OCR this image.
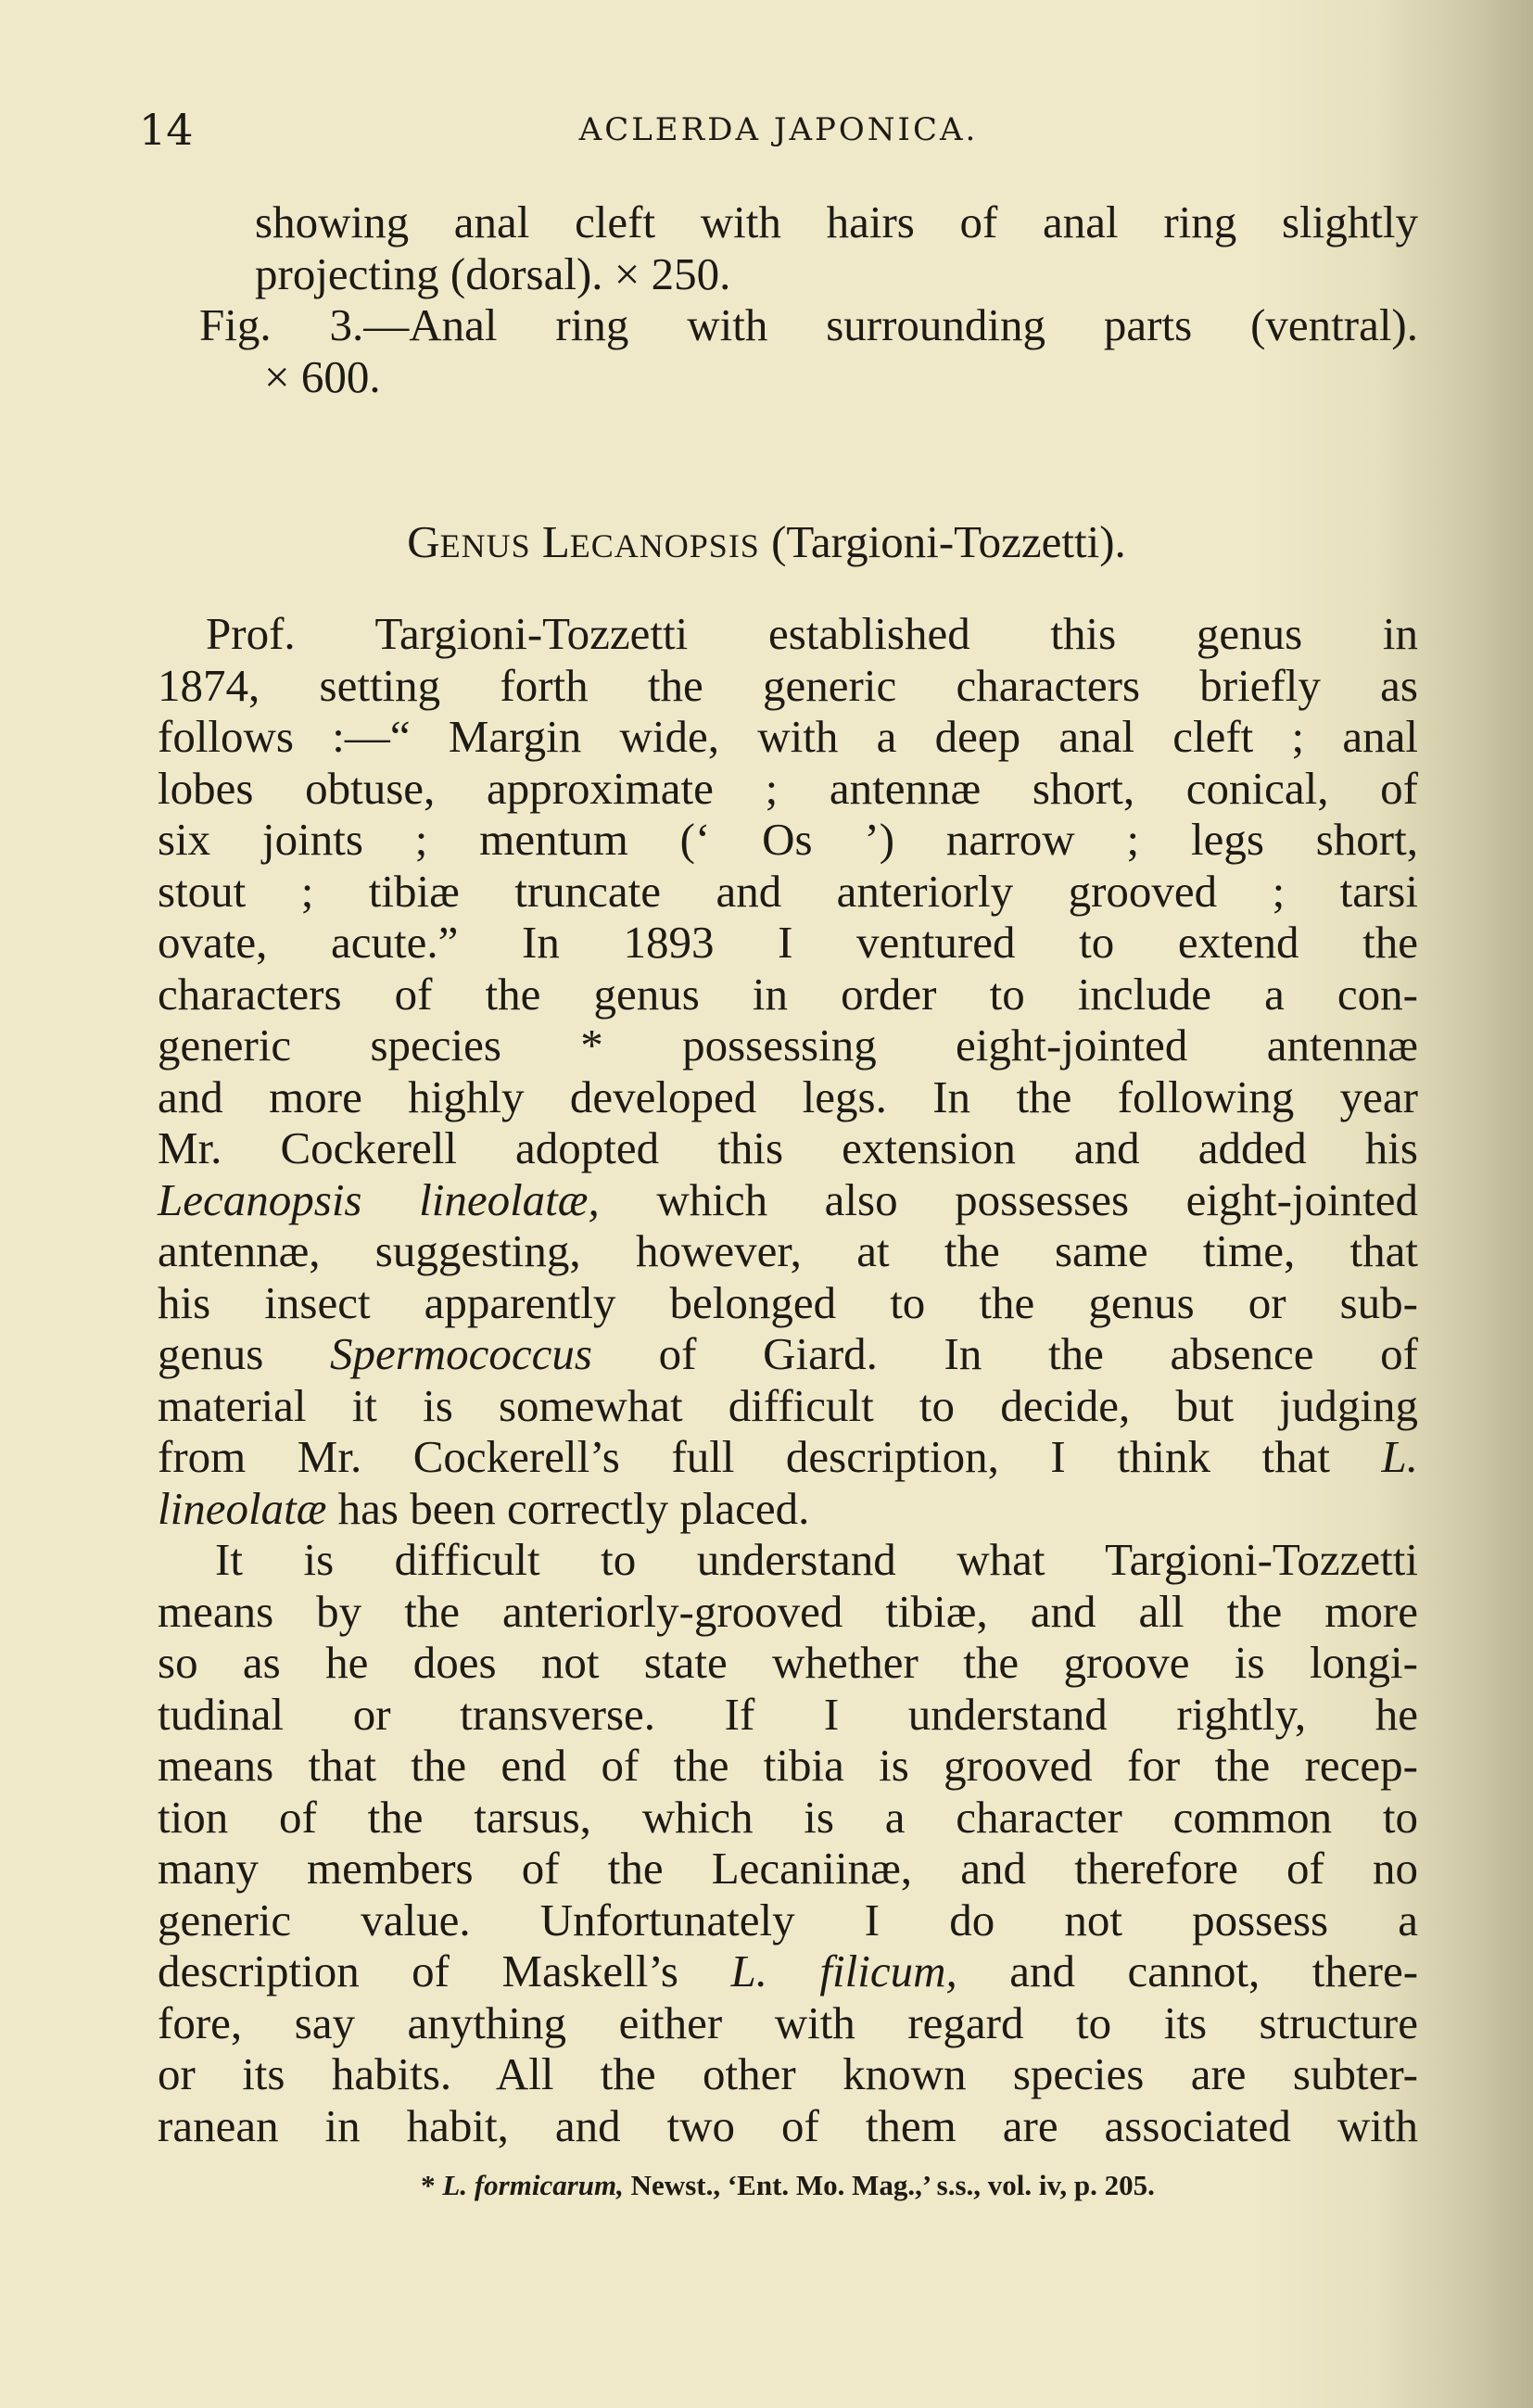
14	ACLERDA JAPONICA.
showing anal cleft with hairs of anal ring slightly
projecting (dorsal). × 250.
Fig. 3.—Anal ring with surrounding parts (ventral).
× 600.
GENUS LECANOPSIS (Targioni-Tozzetti).
Prof. Targioni-Tozzetti established this genus in
1874, setting forth the generic characters briefly as
follows :—“ Margin wide, with a deep anal cleft ; anal
lobes obtuse, approximate ; antennæ short, conical, of
six joints ; mentum (‘ Os ’) narrow ; legs short,
stout ; tibiæ truncate and anteriorly grooved ; tarsi
ovate, acute.” In 1893 I ventured to extend the
characters of the genus in order to include a con-
generic species * possessing eight-jointed antennæ
and more highly developed legs. In the following year
Mr. Cockerell adopted this extension and added his
Lecanopsis lineolatæ, which also possesses eight-jointed
antennæ, suggesting, however, at the same time, that
his insect apparently belonged to the genus or sub-
genus Spermococcus of Giard. In the absence of
material it is somewhat difficult to decide, but judging
from Mr. Cockerell’s full description, I think that L.
lineolatæ has been correctly placed.
It is difficult to understand what Targioni-Tozzetti
means by the anteriorly-grooved tibiæ, and all the more
so as he does not state whether the groove is longi-
tudinal or transverse. If I understand rightly, he
means that the end of the tibia is grooved for the recep-
tion of the tarsus, which is a character common to
many members of the Lecaniinæ, and therefore of no
generic value. Unfortunately I do not possess a
description of Maskell’s L. filicum, and cannot, there-
fore, say anything either with regard to its structure
or its habits. All the other known species are subter-
ranean in habit, and two of them are associated with
* L. formicarum, Newst., ‘Ent. Mo. Mag.,’ s.s., vol. iv, p. 205.
